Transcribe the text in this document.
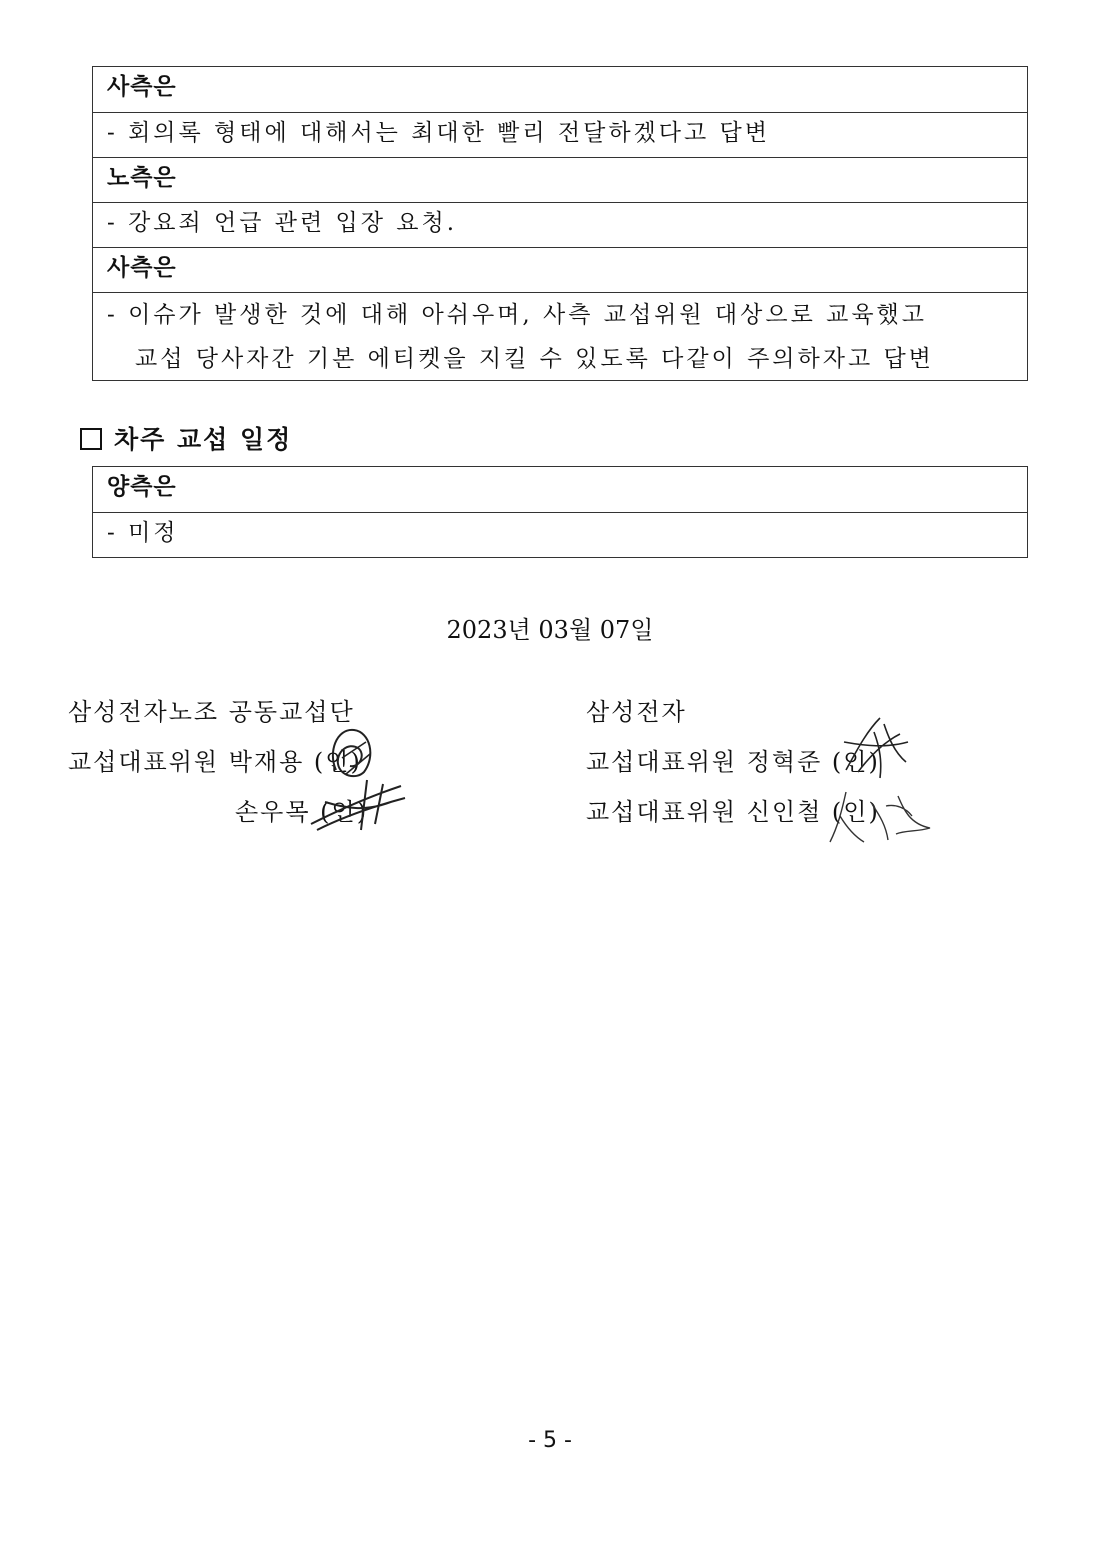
사측은
- 회의록 형태에 대해서는 최대한 빨리 전달하겠다고 답변
노측은
- 강요죄 언급 관련 입장 요청.
사측은
- 이슈가 발생한 것에 대해 아쉬우며, 사측 교섭위원 대상으로 교육했고
교섭 당사자간 기본 에티켓을 지킬 수 있도록 다같이 주의하자고 답변
차주 교섭 일정
양측은
- 미정
2023년 03월 07일
삼성전자노조 공동교섭단
교섭대표위원 박재용 (인)
손우목 (인)
삼성전자
교섭대표위원 정혁준 (인)
교섭대표위원 신인철 (인)
- 5 -
